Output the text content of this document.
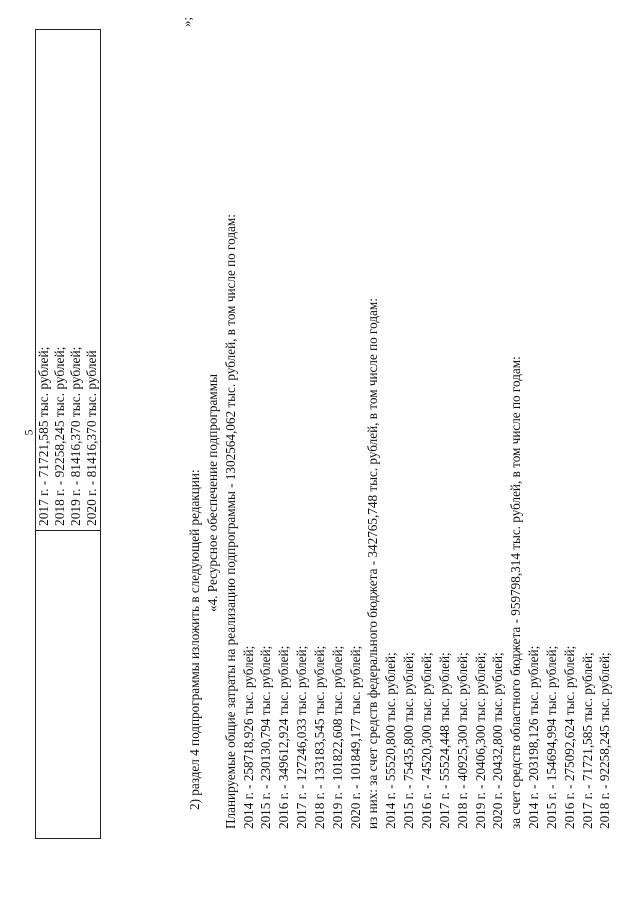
5
	2017 г. - 71721,585 тыс. рублей; 2018 г. - 92258,245 тыс. рублей; 2019 г. - 81416,370 тыс. рублей; 2020 г. - 81416,370 тыс. рублей
»;
2) раздел 4 подпрограммы изложить в следующей редакции: «4. Ресурсное обеспечение подпрограммы Планируемые общие затраты на реализацию подпрограммы - 1302564,062 тыс. рублей, в том числе по годам: 2014 г. - 258718,926 тыс. рублей; 2015 г. - 230130,794 тыс. рублей; 2016 г. - 349612,924 тыс. рублей; 2017 г. - 127246,033 тыс. рублей; 2018 г. - 133183,545 тыс. рублей; 2019 г. - 101822,608 тыс. рублей; 2020 г. - 101849,177 тыс. рублей; из них: за счет средств федерального бюджета - 342765,748 тыс. рублей, в том числе по годам: 2014 г. - 55520,800 тыс. рублей; 2015 г. - 75435,800 тыс. рублей; 2016 г. - 74520,300 тыс. рублей; 2017 г. - 55524,448 тыс. рублей; 2018 г. - 40925,300 тыс. рублей; 2019 г. - 20406,300 тыс. рублей; 2020 г. - 20432,800 тыс. рублей; за счет средств областного бюджета - 959798,314 тыс. рублей, в том числе по годам: 2014 г. - 203198,126 тыс. рублей; 2015 г. - 154694,994 тыс. рублей; 2016 г. - 275092,624 тыс. рублей; 2017 г. - 71721,585 тыс. рублей; 2018 г. - 92258,245 тыс. рублей;
